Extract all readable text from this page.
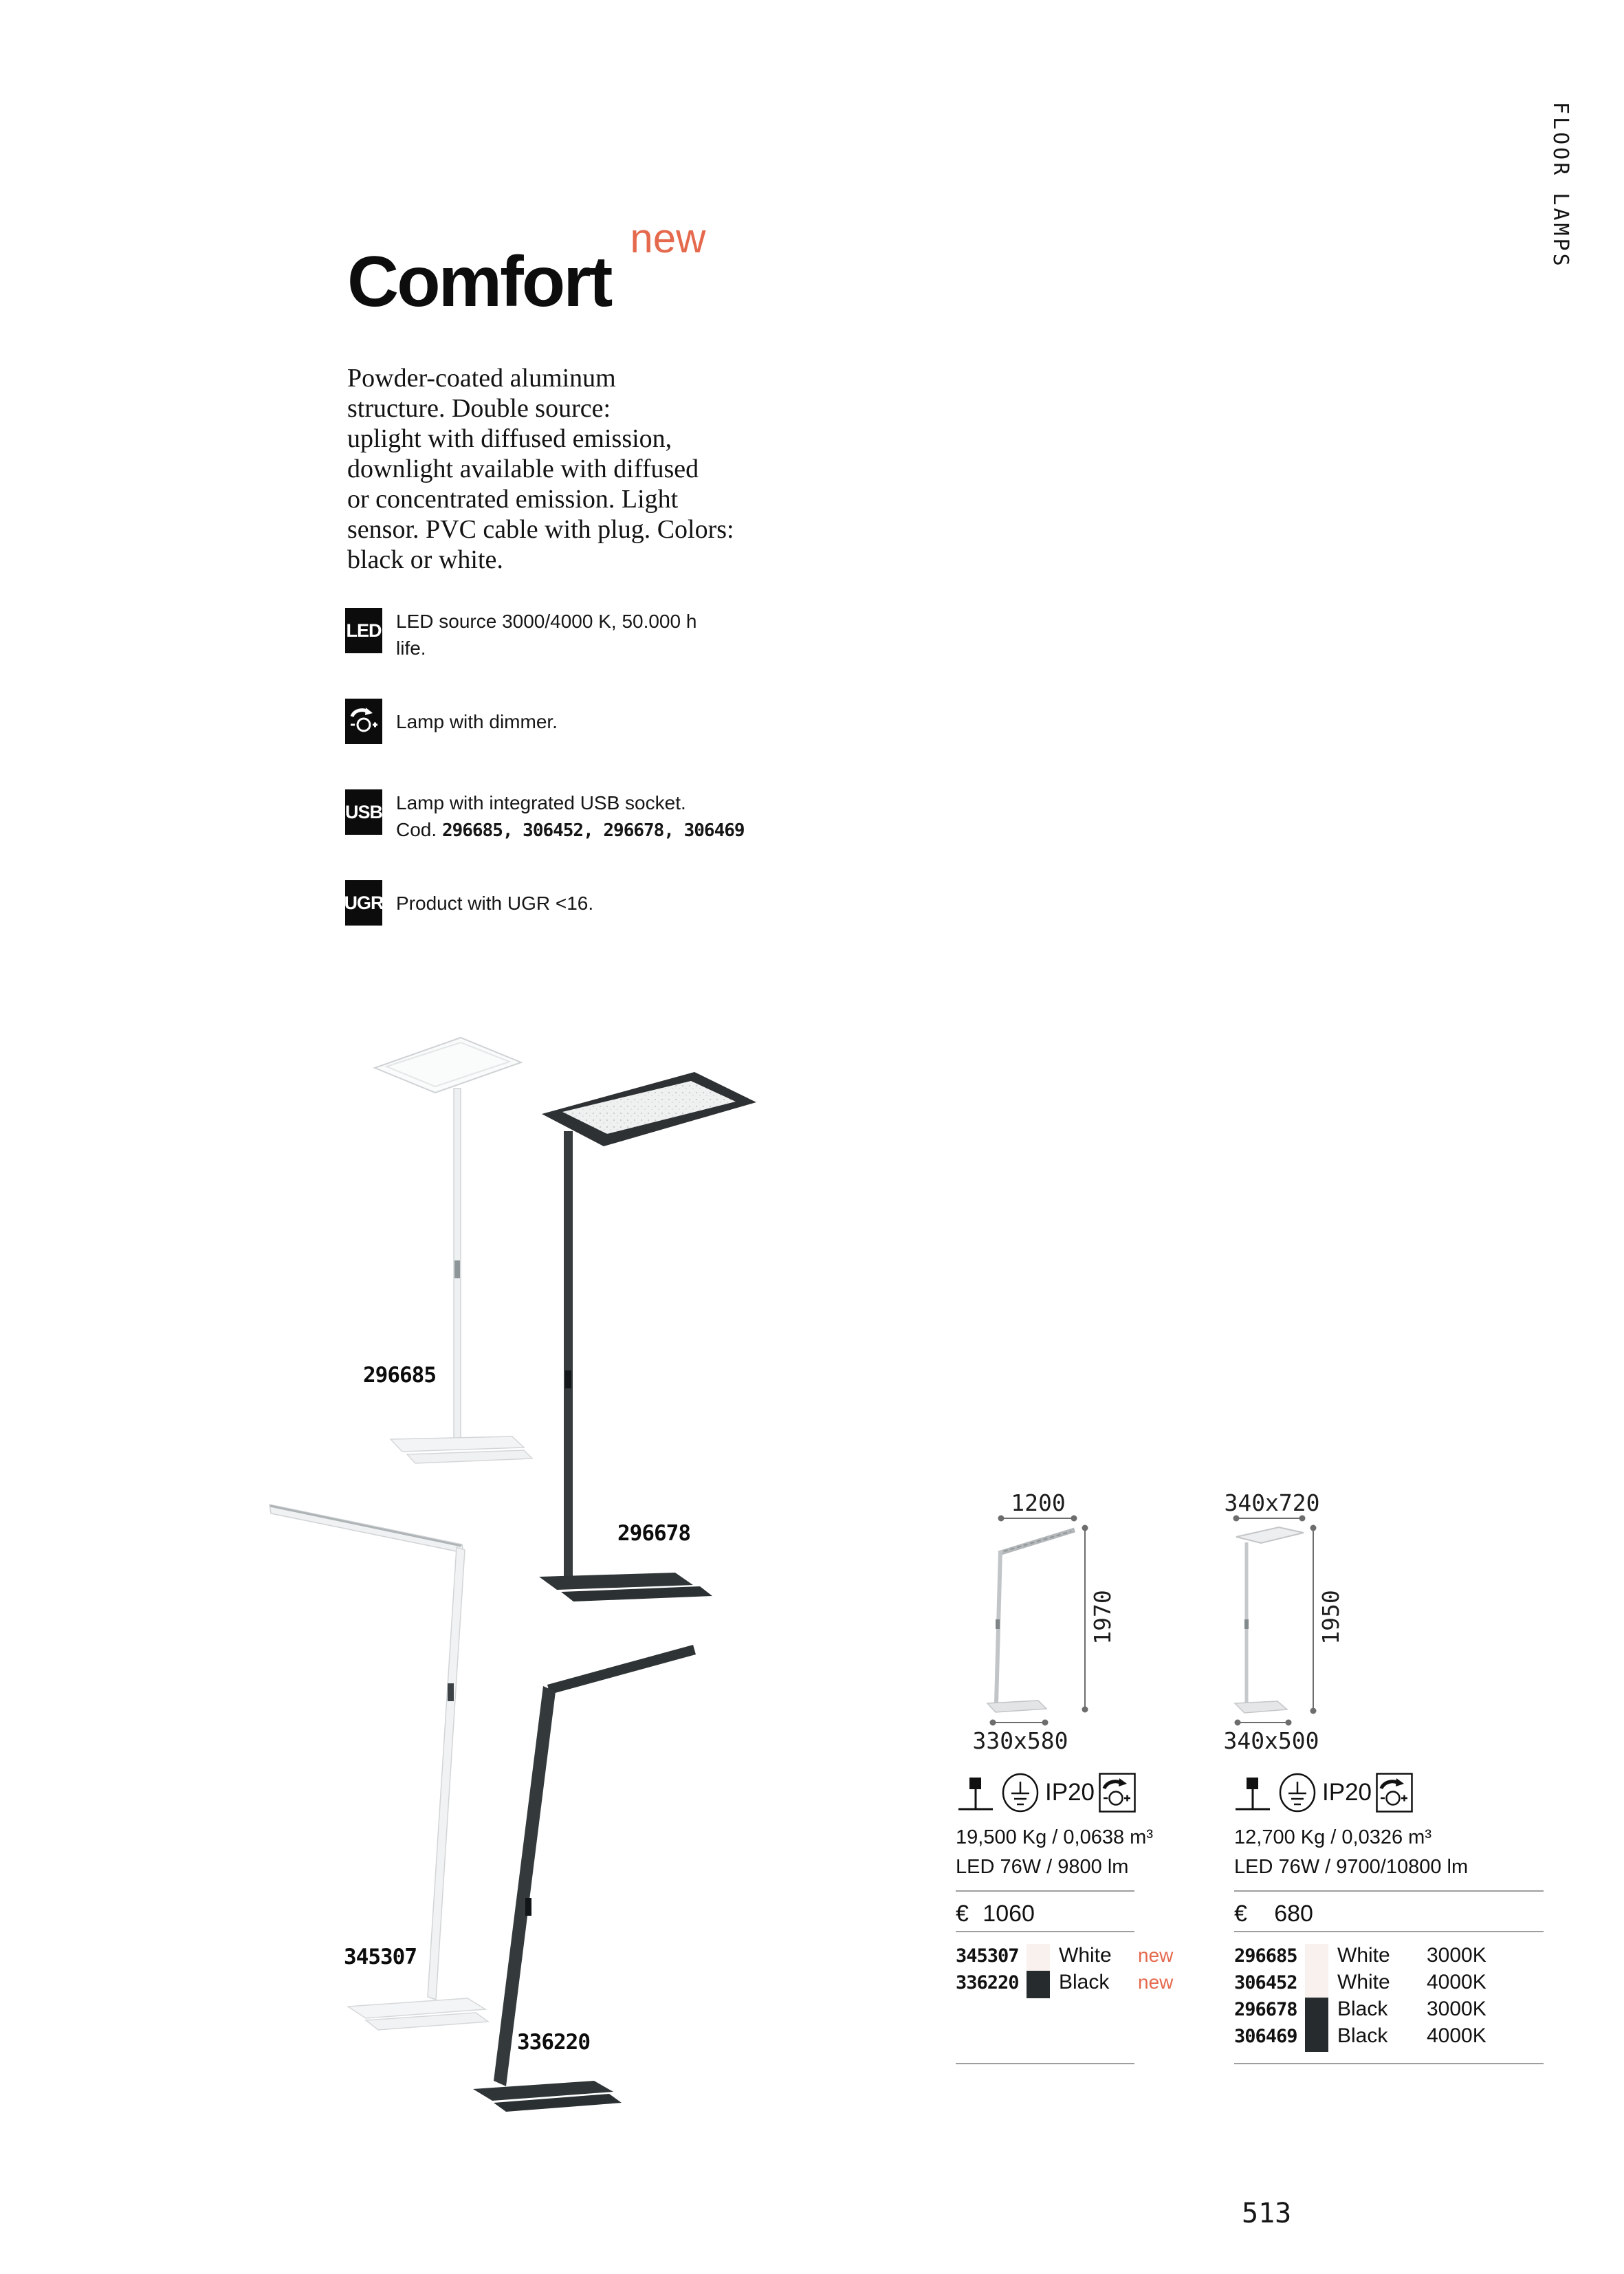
FLOOR LAMPS
Comfort$^{new}$
Powder-coated aluminum
structure. Double source:
uplight with diffused emission,
downlight available with diffused
or concentrated emission. Light
sensor. PVC cable with plug. Colors:
black or white.
LED LED source 3000/4000 K, 50.000 h
life.
Lamp with dimmer.
USB Lamp with integrated USB socket.
Cod. 296685, 306452, 296678, 306469
UGR Product with UGR <16.
296685
296678
345307
336220
1200
1970
330x580
IP20
19,500 Kg / 0,0638 m³
LED 76W / 9800 lm
€ 1060
345307 White new
336220 Black new
340x720
1950
340x500
IP20
12,700 Kg / 0,0326 m³
LED 76W / 9700/10800 lm
€	680
296685 White 3000K
306452 White 4000K
296678 Black 3000K
306469 Black 4000K
513
